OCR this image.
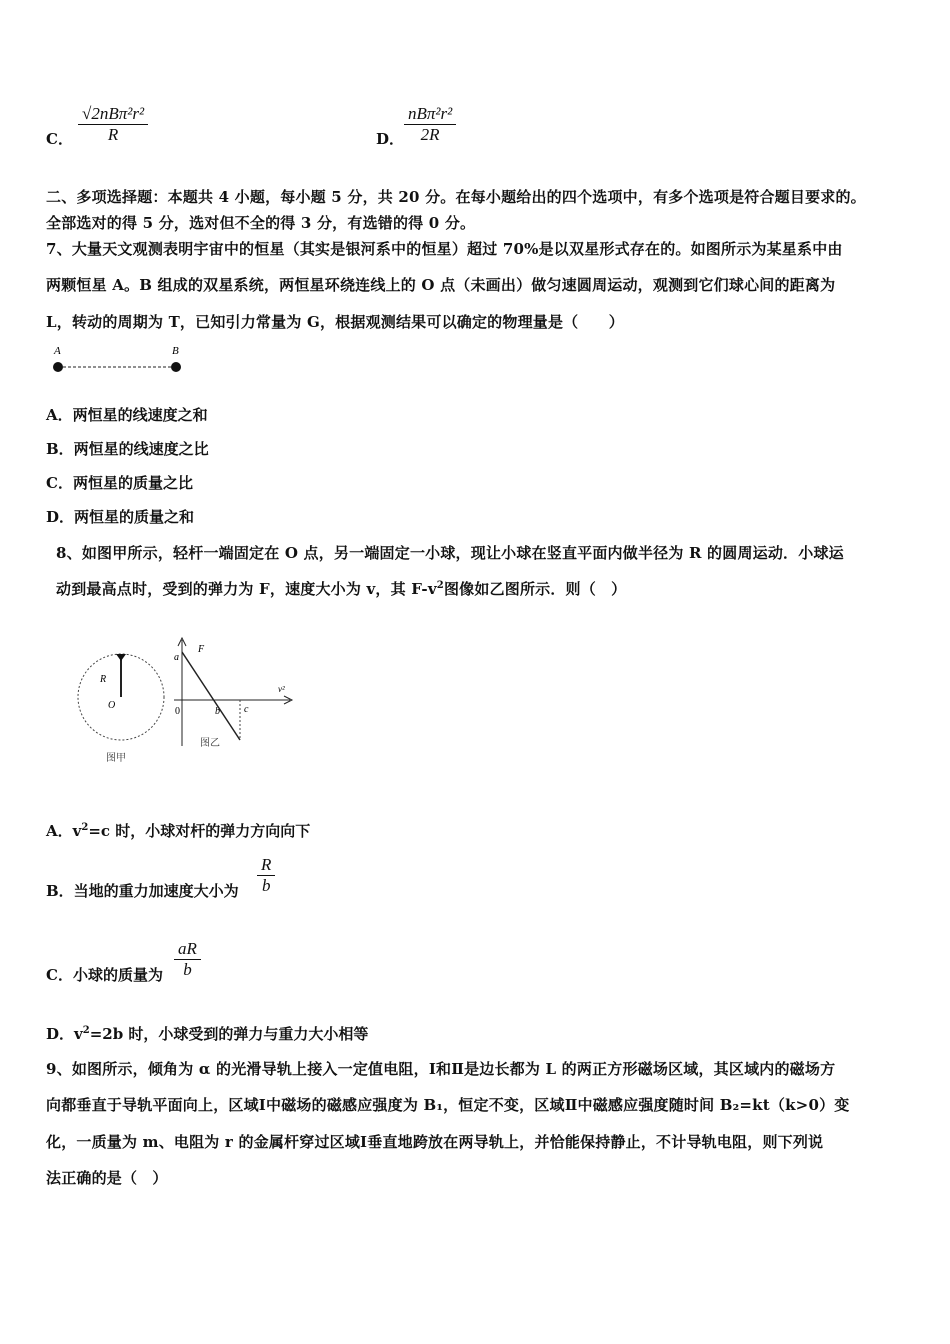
C．
√2nBπ²r²
R	D．
nBπ²r²
2R
二、多项选择题：本题共 4 小题，每小题 5 分，共 20 分。在每小题给出的四个选项中，有多个选项是符合题目要求的。
全部选对的得 5 分，选对但不全的得 3 分，有选错的得 0 分。
7、大量天文观测表明宇宙中的恒星（其实是银河系中的恒星）超过 70%是以双星形式存在的。如图所示为某星系中由
两颗恒星 A。B 组成的双星系统，两恒星环绕连线上的 O 点（未画出）做匀速圆周运动，观测到它们球心间的距离为
L，转动的周期为 T，已知引力常量为 G，根据观测结果可以确定的物理量是（　　）
A	B
A．两恒星的线速度之和
B．两恒星的线速度之比
C．两恒星的质量之比
D．两恒星的质量之和
8、如图甲所示，轻杆一端固定在 O 点，另一端固定一小球，现让小球在竖直平面内做半径为 R 的圆周运动．小球运
动到最高点时，受到的弹力为 F，速度大小为 v，其 $F-v^2$图像如乙图所示．则（　）
R
O
图甲
a
F
0	b c
v²
图乙
A．$v^2=c$ 时，小球对杆的弹力方向向下
B．当地的重力加速度大小为 $\frac{R}{b}$
C．小球的质量为 $\frac{aR}{b}$
D．$v^2=2b$ 时，小球受到的弹力与重力大小相等
9、如图所示，倾角为 α 的光滑导轨上接入一定值电阻，Ⅰ和Ⅱ是边长都为 L 的两正方形磁场区域，其区域内的磁场方
向都垂直于导轨平面向上，区域Ⅰ中磁场的磁感应强度为 B₁，恒定不变，区域Ⅱ中磁感应强度随时间 B₂=kt（k>0）变
化，一质量为 m、电阻为 r 的金属杆穿过区域Ⅰ垂直地跨放在两导轨上，并恰能保持静止，不计导轨电阻，则下列说
法正确的是（　）
